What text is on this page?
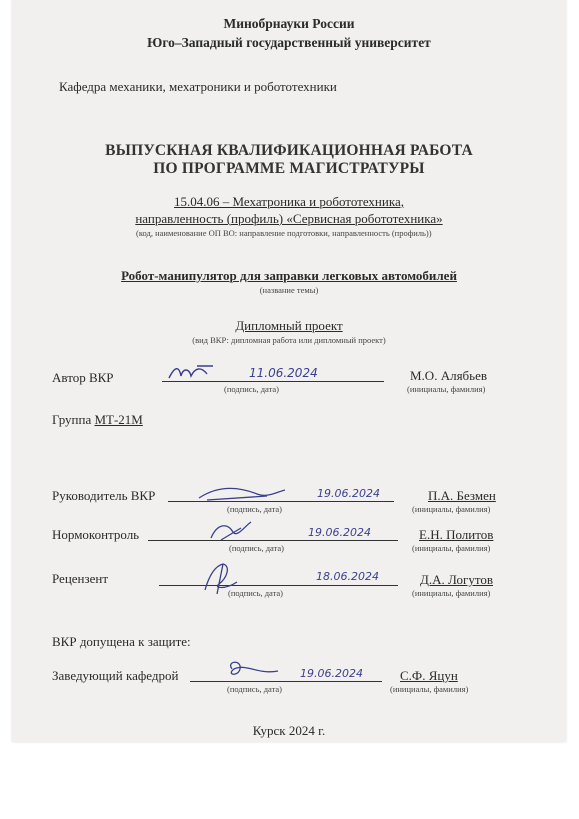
Минобрнауки России
Юго–Западный государственный университет
Кафедра механики, мехатроники и робототехники
ВЫПУСКНАЯ КВАЛИФИКАЦИОННАЯ РАБОТА
ПО ПРОГРАММЕ МАГИСТРАТУРЫ
15.04.06 – Мехатроника и робототехника,
направленность (профиль) «Сервисная робототехника»
(код, наименование ОП ВО: направление подготовки, направленность (профиль))
Робот-манипулятор для заправки легковых автомобилей
(название темы)
Дипломный проект
(вид ВКР: дипломная работа или дипломный проект)
Автор ВКР	11.06.2024	М.О. Алябьев
(подпись, дата)	(инициалы, фамилия)
Группа МТ-21М
Руководитель ВКР	19.06.2024	П.А. Безмен
(подпись, дата)	(инициалы, фамилия)
Нормоконтроль	19.06.2024	Е.Н. Политов
(подпись, дата)	(инициалы, фамилия)
Рецензент	18.06.2024	Д.А. Логутов
(подпись, дата)	(инициалы, фамилия)
ВКР допущена к защите:
Заведующий кафедрой	19.06.2024	С.Ф. Яцун
(подпись, дата)	(инициалы, фамилия)
Курск 2024 г.
